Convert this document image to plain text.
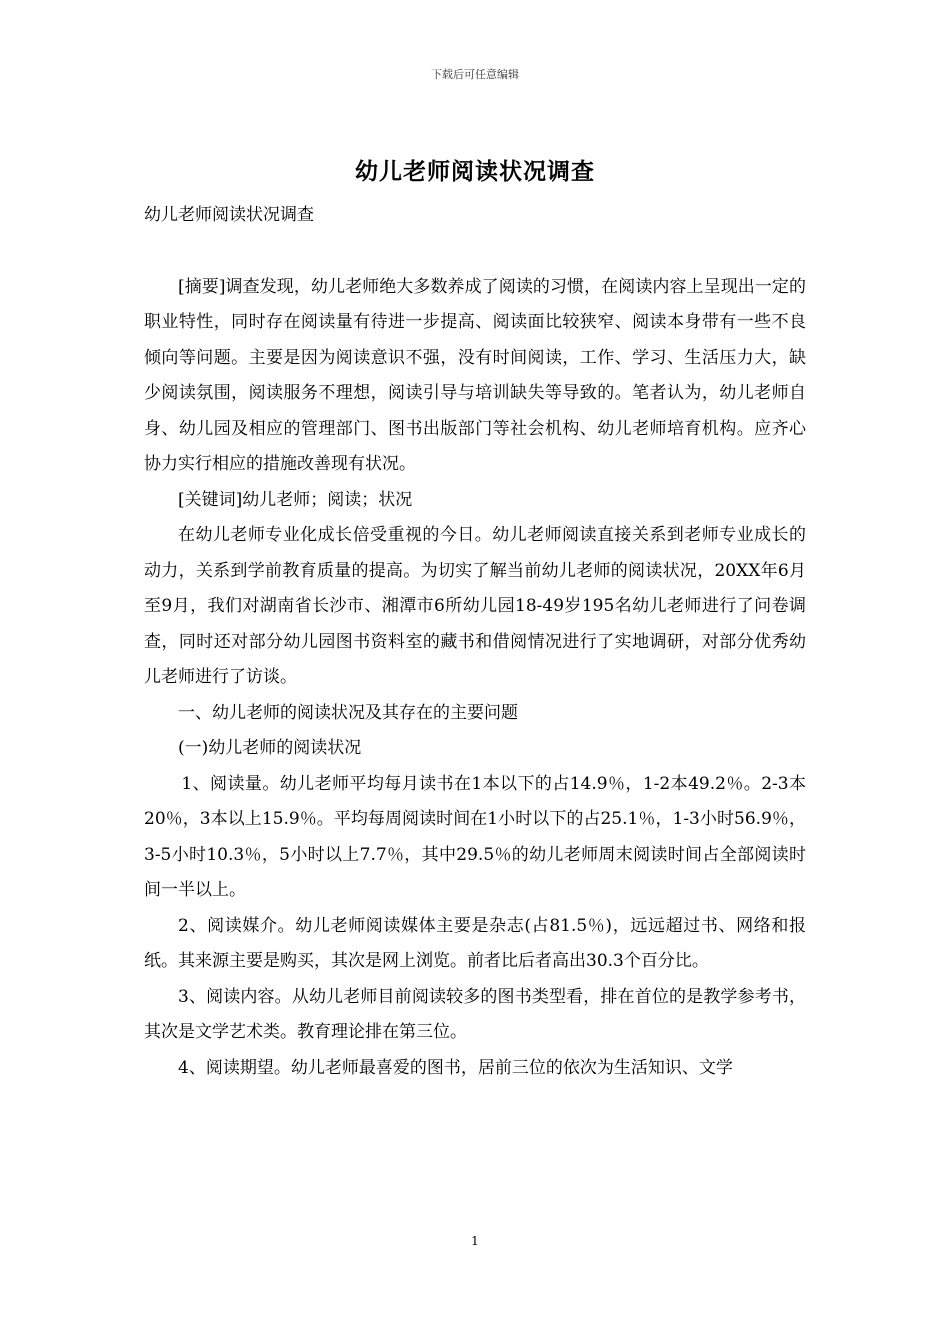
下载后可任意编辑
幼儿老师阅读状况调查

幼儿老师阅读状况调查

[摘要]调查发现，幼儿老师绝大多数养成了阅读的习惯，在阅读内容上呈现出一定的职业特性，同时存在阅读量有待进一步提高、阅读面比较狭窄、阅读本身带有一些不良倾向等问题。主要是因为阅读意识不强，没有时间阅读，工作、学习、生活压力大，缺少阅读氛围，阅读服务不理想，阅读引导与培训缺失等导致的。笔者认为，幼儿老师自身、幼儿园及相应的管理部门、图书出版部门等社会机构、幼儿老师培育机构。应齐心协力实行相应的措施改善现有状况。

[关键词]幼儿老师；阅读；状况

在幼儿老师专业化成长倍受重视的今日。幼儿老师阅读直接关系到老师专业成长的动力，关系到学前教育质量的提高。为切实了解当前幼儿老师的阅读状况，20XX年6月至9月，我们对湖南省长沙市、湘潭市6所幼儿园18-49岁195名幼儿老师进行了问卷调查，同时还对部分幼儿园图书资料室的藏书和借阅情况进行了实地调研，对部分优秀幼儿老师进行了访谈。

一、幼儿老师的阅读状况及其存在的主要问题

(一)幼儿老师的阅读状况

1、阅读量。幼儿老师平均每月读书在1本以下的占14.9％，1-2本49.2％。2-3本20％，3本以上15.9％。平均每周阅读时间在1小时以下的占25.1％，1-3小时56.9％，3-5小时10.3％，5小时以上7.7％，其中29.5％的幼儿老师周末阅读时间占全部阅读时间一半以上。

2、阅读媒介。幼儿老师阅读媒体主要是杂志(占81.5％)，远远超过书、网络和报纸。其来源主要是购买，其次是网上浏览。前者比后者高出30.3个百分比。

3、阅读内容。从幼儿老师目前阅读较多的图书类型看，排在首位的是教学参考书，其次是文学艺术类。教育理论排在第三位。

4、阅读期望。幼儿老师最喜爱的图书，居前三位的依次为生活知识、文学

1
